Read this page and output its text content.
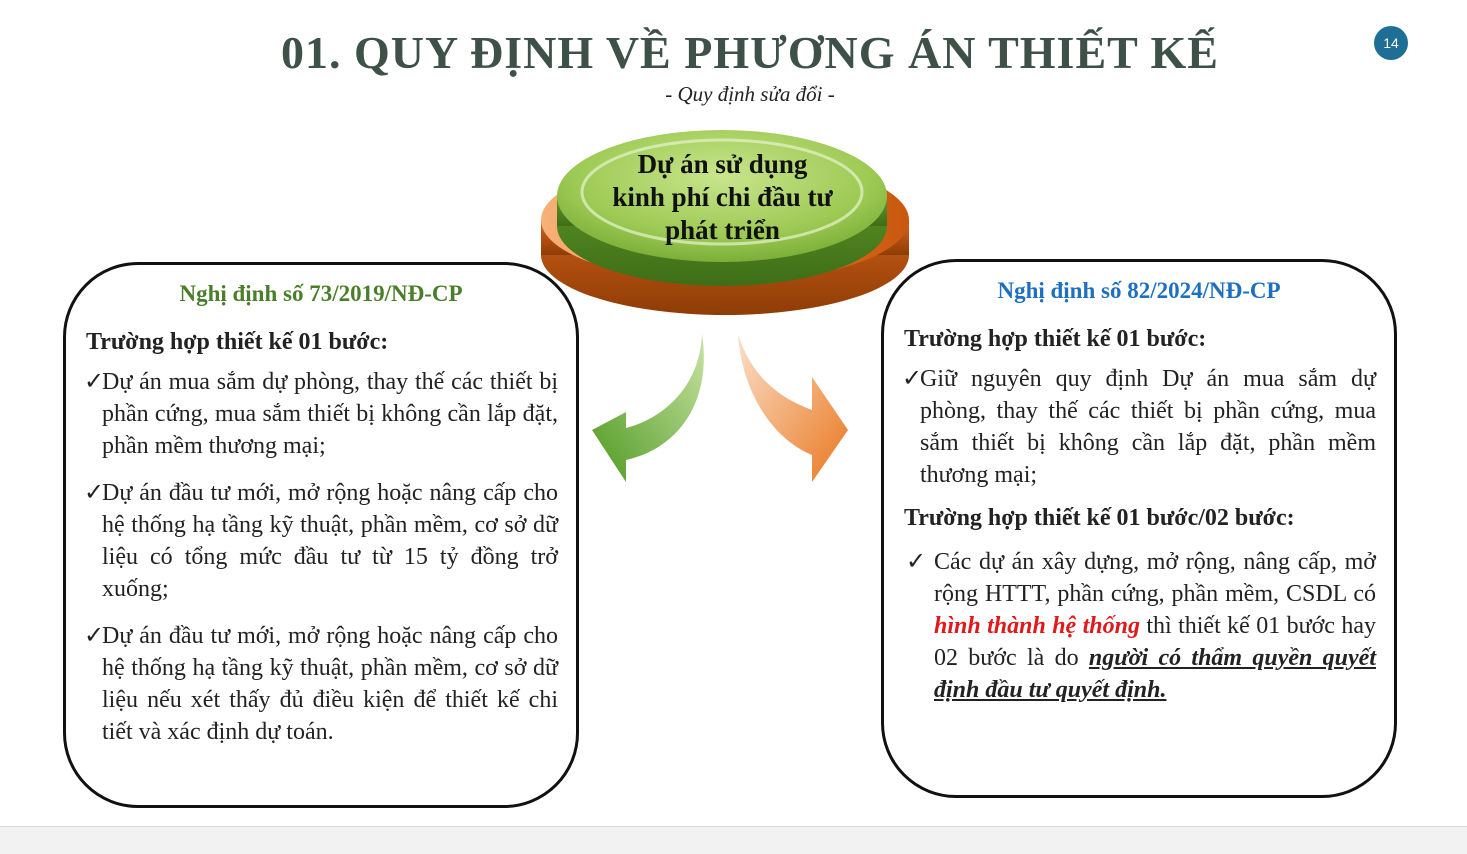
01. QUY ĐỊNH VỀ PHƯƠNG ÁN THIẾT KẾ
- Quy định sửa đổi -
14
Dự án sử dụng
kinh phí chi đầu tư
phát triển
Nghị định số 73/2019/NĐ-CP
Trường hợp thiết kế 01 bước:
✓
Dự án mua sắm dự phòng, thay thế các thiết bị phần cứng, mua sắm thiết bị không cần lắp đặt, phần mềm thương mại;
✓
Dự án đầu tư mới, mở rộng hoặc nâng cấp cho hệ thống hạ tầng kỹ thuật, phần mềm, cơ sở dữ liệu có tổng mức đầu tư từ 15 tỷ đồng trở xuống;
✓
Dự án đầu tư mới, mở rộng hoặc nâng cấp cho hệ thống hạ tầng kỹ thuật, phần mềm, cơ sở dữ liệu nếu xét thấy đủ điều kiện để thiết kế chi tiết và xác định dự toán.
Nghị định số 82/2024/NĐ-CP
Trường hợp thiết kế 01 bước:
✓
Giữ nguyên quy định Dự án mua sắm dự phòng, thay thế các thiết bị phần cứng, mua sắm thiết bị không cần lắp đặt, phần mềm thương mại;
Trường hợp thiết kế 01 bước/02 bước:
✓ Các dự án xây dựng, mở rộng, nâng cấp, mở rộng HTTT, phần cứng, phần mềm, CSDL có hình thành hệ thống thì thiết kế 01 bước hay 02 bước là do người có thẩm quyền quyết định đầu tư quyết định.
